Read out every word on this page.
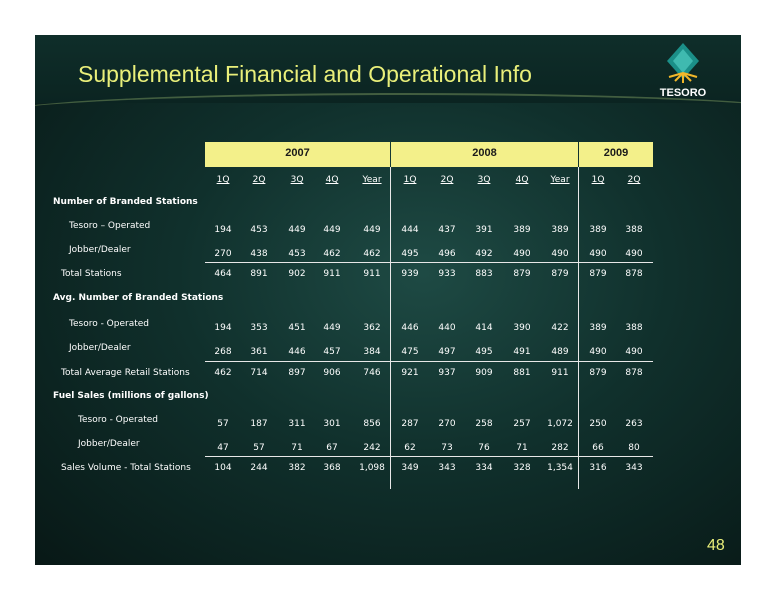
Supplemental Financial and Operational Info
TESORO
48
2007	2008	2009
1Q	2Q	3Q	4Q	Year	1Q	2Q	3Q	4Q	Year	1Q	2Q
Number of Branded Stations
Tesoro – Operated	194	453	449	449	449	444	437	391	389	389	389	388
Jobber/Dealer	270	438	453	462	462	495	496	492	490	490	490	490
Total Stations	464	891	902	911	911	939	933	883	879	879	879	878
Avg. Number of Branded Stations
Tesoro - Operated	194	353	451	449	362	446	440	414	390	422	389	388
Jobber/Dealer	268	361	446	457	384	475	497	495	491	489	490	490
Total Average Retail Stations	462	714	897	906	746	921	937	909	881	911	879	878
Fuel Sales (millions of gallons)
Tesoro - Operated	57	187	311	301	856	287	270	258	257	1,072	250	263
Jobber/Dealer	47	57	71	67	242	62	73	76	71	282	66	80
Sales Volume - Total Stations	104	244	382	368	1,098	349	343	334	328	1,354	316	343
